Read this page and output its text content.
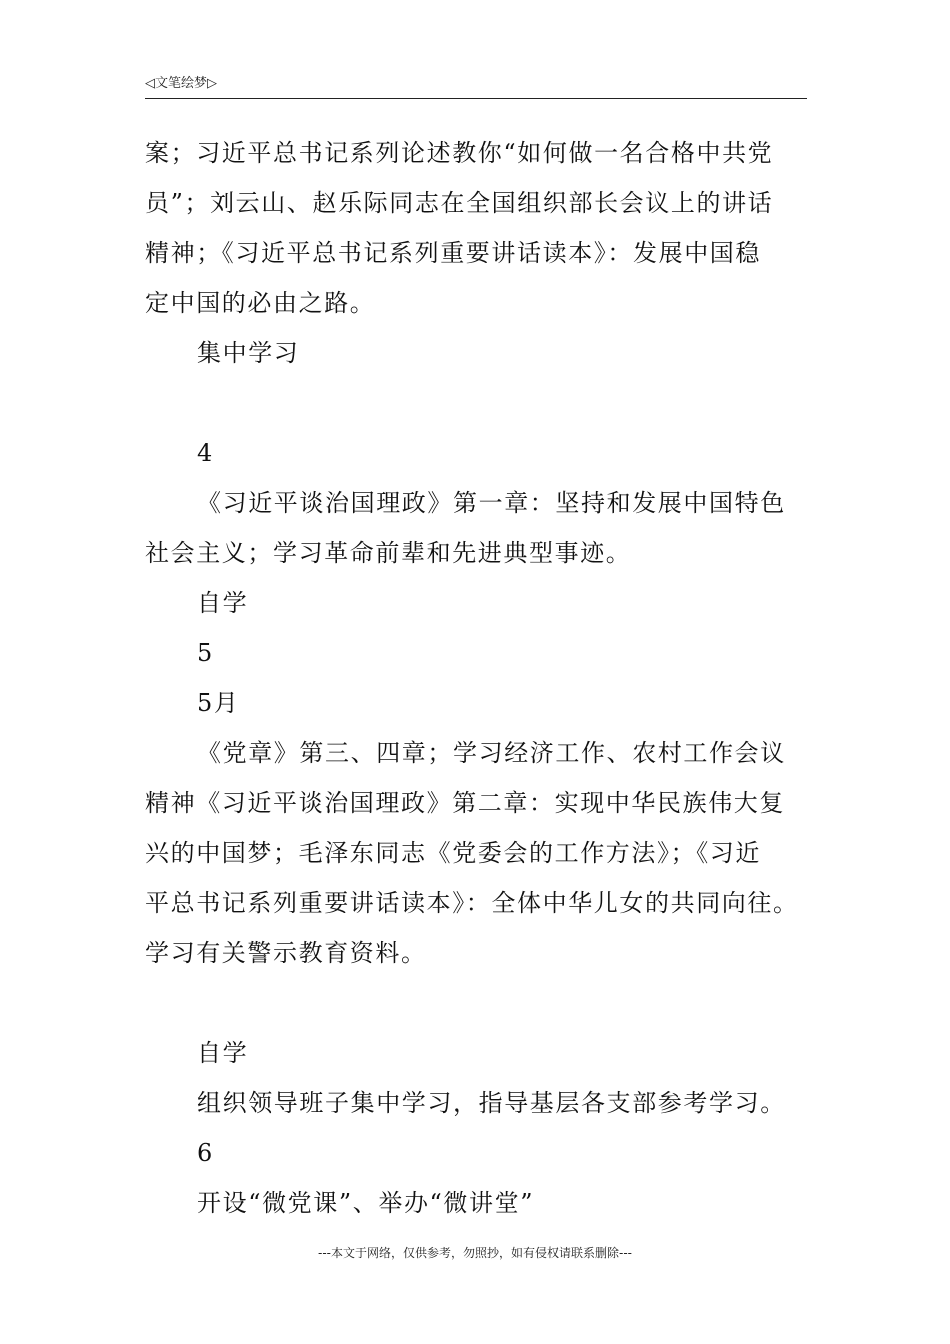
◁文笔绘梦▷

案；习近平总书记系列论述教你“如何做一名合格中共党

员”；刘云山、赵乐际同志在全国组织部长会议上的讲话

精神；《习近平总书记系列重要讲话读本》：发展中国稳

定中国的必由之路。

集中学习

4

《习近平谈治国理政》第一章：坚持和发展中国特色

社会主义；学习革命前辈和先进典型事迹。

自学

5

5月

《党章》第三、四章；学习经济工作、农村工作会议

精神《习近平谈治国理政》第二章：实现中华民族伟大复

兴的中国梦；毛泽东同志《党委会的工作方法》；《习近

平总书记系列重要讲话读本》：全体中华儿女的共同向往。

学习有关警示教育资料。

自学

组织领导班子集中学习，指导基层各支部参考学习。

6

开设“微党课”、举办“微讲堂”

---本文于网络，仅供参考，勿照抄，如有侵权请联系删除---
